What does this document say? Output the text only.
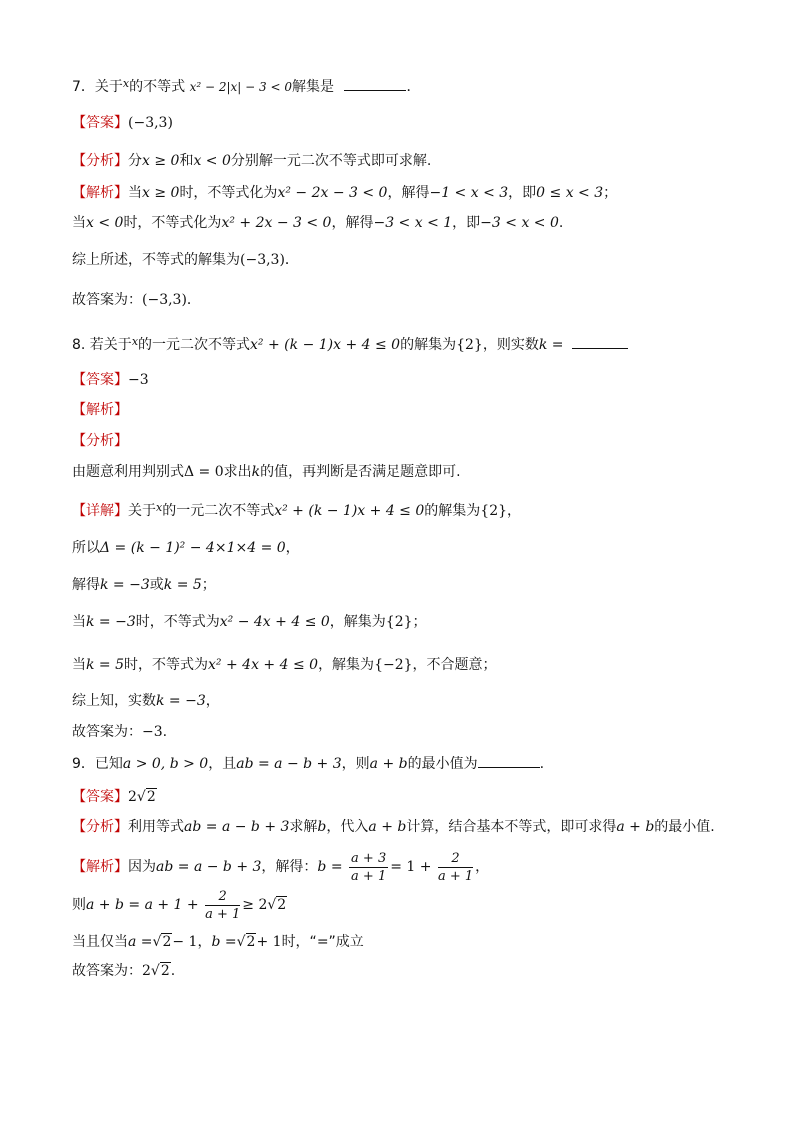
7．关于$^x$的不等式 x² − 2|x| − 3 < 0解集是	．
【答案】(−3,3)
【分析】分x ≥ 0和x < 0分别解一元二次不等式即可求解.
【解析】当x ≥ 0时，不等式化为x² − 2x − 3 < 0，解得−1 < x < 3，即0 ≤ x < 3；
当x < 0时，不等式化为x² + 2x − 3 < 0，解得−3 < x < 1，即−3 < x < 0.
综上所述，不等式的解集为(−3,3)．
故答案为：(−3,3)．
8. 若关于$^x$的一元二次不等式x² + (k − 1)x + 4 ≤ 0的解集为{2}，则实数k =
【答案】−3
【解析】
【分析】
由题意利用判别式Δ = 0求出k的值，再判断是否满足题意即可.
【详解】关于$^x$的一元二次不等式x² + (k − 1)x + 4 ≤ 0的解集为{2}，
所以Δ = (k − 1)² − 4×1×4 = 0，
解得k = −3或k = 5；
当k = −3时，不等式为x² − 4x + 4 ≤ 0，解集为{2}；
当k = 5时，不等式为x² + 4x + 4 ≤ 0，解集为{−2}，不合题意；
综上知，实数k = −3，
故答案为：−3.
9．已知a > 0, b > 0，且ab = a − b + 3，则a + b的最小值为	.
【答案】2√2
【分析】利用等式ab = a − b + 3求解b，代入a + b计算，结合基本不等式，即可求得a + b的最小值.
【解析】因为ab = a − b + 3，解得：$b = \frac{a + 3}{a + 1} = 1 + \frac{2}{a + 1}$ ，
则$a + b = a + 1 + \frac{2}{a + 1} \ge 2√2$
当且仅当a =√2− 1，b =√2+ 1时，“=”成立
故答案为：2√2.
